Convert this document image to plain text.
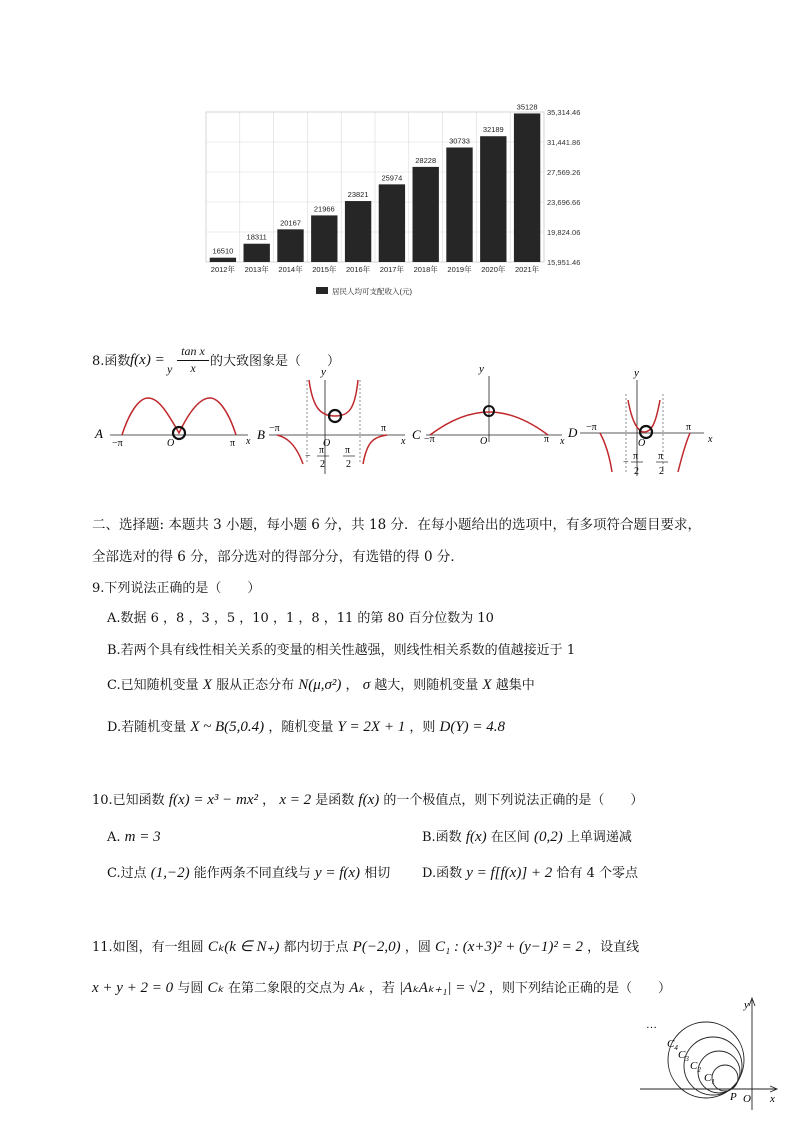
16510
18311
20167
21966
23821
25974
28228
30733
32189
35128
2012年 2013年 2014年 2015年 2016年 2017年 2018年 2019年 2020年 2021年
35,314.46
31,441.86
27,569.26
23,696.66
19,824.06
15,951.46
居民人均可支配收入(元)
8.函数 $f(x) = \frac{\text{tan x}}{x}$
y	的大致图象是（　　）
A
−π	π
O	x B
y
−π	π
x
O
−
π
2
π
2
C
y
−π	π
O	x
D
y
−π	π
x
O
−
π
2
π
2
二、选择题: 本题共 3 小题，每小题 6 分，共 18 分．在每小题给出的选项中，有多项符合题目要求，
全部选对的得 6 分，部分选对的得部分分，有选错的得 0 分．
9.下列说法正确的是（　　）
A.数据 6 ，8 ，3 ，5 ，10 ，1 ，8 ，11 的第 80 百分位数为 10
B.若两个具有线性相关关系的变量的相关性越强，则线性相关系数的值越接近于 1
C.已知随机变量 X 服从正态分布 N(μ,σ²) ， σ 越大，则随机变量 X 越集中
D.若随机变量 X ~ B(5,0.4) ，随机变量 Y = 2X + 1 ，则 D(Y) = 4.8
10.已知函数 f(x) = x³ − mx² ， x = 2 是函数 f(x) 的一个极值点，则下列说法正确的是（　　）
A. m = 3	B.函数 f(x) 在区间 (0,2) 上单调递减
C.过点 (1,−2) 能作两条不同直线与 y = f(x) 相切 D.函数 y = f[f(x)] + 2 恰有 4 个零点
11.如图，有一组圆 Cₖ(k ∈ N₊) 都内切于点 P(−2,0) ，圆 C₁ : (x+3)² + (y−1)² = 2 ，设直线
x + y + 2 = 0 与圆 Cₖ 在第二象限的交点为 Aₖ ，若 |AₖAₖ₊₁| = √2 ，则下列结论正确的是（　　）
…
$C_4$
$C_3$
$C_2$
$C_1$
y
x
O
P
